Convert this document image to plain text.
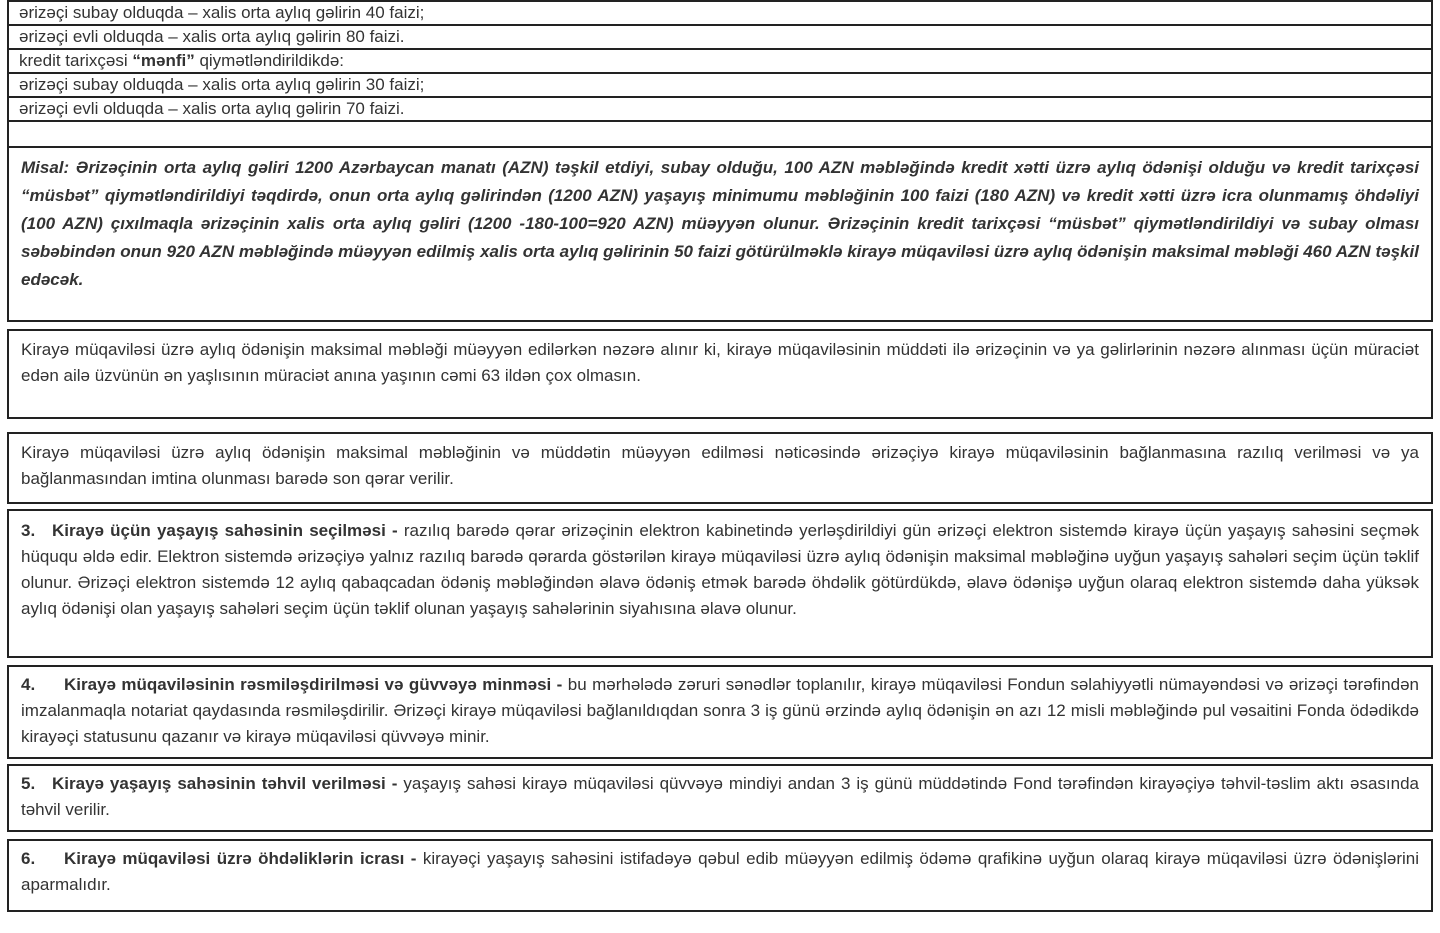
ərizəçi subay olduqda – xalis orta aylıq gəlirin 40 faizi;
ərizəçi evli olduqda – xalis orta aylıq gəlirin 80 faizi.
kredit tarixçəsi “mənfi” qiymətləndirildikdə:
ərizəçi subay olduqda – xalis orta aylıq gəlirin 30 faizi;
ərizəçi evli olduqda – xalis orta aylıq gəlirin 70 faizi.

Misal: Ərizəçinin orta aylıq gəliri 1200 Azərbaycan manatı (AZN) təşkil etdiyi, subay olduğu, 100 AZN məbləğində kredit xətti üzrə aylıq ödənişi olduğu və kredit tarixçəsi “müsbət” qiymətləndirildiyi təqdirdə, onun orta aylıq gəlirindən (1200 AZN) yaşayış minimumu məbləğinin 100 faizi (180 AZN) və kredit xətti üzrə icra olunmamış öhdəliyi (100 AZN) çıxılmaqla ərizəçinin xalis orta aylıq gəliri (1200 -180-100=920 AZN) müəyyən olunur. Ərizəçinin kredit tarixçəsi “müsbət” qiymətləndirildiyi və subay olması səbəbindən onun 920 AZN məbləğində müəyyən edilmiş xalis orta aylıq gəlirinin 50 faizi götürülməklə kirayə müqaviləsi üzrə aylıq ödənişin maksimal məbləği 460 AZN təşkil edəcək.

Kirayə müqaviləsi üzrə aylıq ödənişin maksimal məbləği müəyyən edilərkən nəzərə alınır ki, kirayə müqaviləsinin müddəti ilə ərizəçinin və ya gəlirlərinin nəzərə alınması üçün müraciət edən ailə üzvünün ən yaşlısının müraciət anına yaşının cəmi 63 ildən çox olmasın.

Kirayə müqaviləsi üzrə aylıq ödənişin maksimal məbləğinin və müddətin müəyyən edilməsi nəticəsində ərizəçiyə kirayə müqaviləsinin bağlanmasına razılıq verilməsi və ya bağlanmasından imtina olunması barədə son qərar verilir.

3. Kirayə üçün yaşayış sahəsinin seçilməsi - razılıq barədə qərar ərizəçinin elektron kabinetində yerləşdirildiyi gün ərizəçi elektron sistemdə kirayə üçün yaşayış sahəsini seçmək hüququ əldə edir. Elektron sistemdə ərizəçiyə yalnız razılıq barədə qərarda göstərilən kirayə müqaviləsi üzrə aylıq ödənişin maksimal məbləğinə uyğun yaşayış sahələri seçim üçün təklif olunur. Ərizəçi elektron sistemdə 12 aylıq qabaqcadan ödəniş məbləğindən əlavə ödəniş etmək barədə öhdəlik götürdükdə, əlavə ödənişə uyğun olaraq elektron sistemdə daha yüksək aylıq ödənişi olan yaşayış sahələri seçim üçün təklif olunan yaşayış sahələrinin siyahısına əlavə olunur.

4. Kirayə müqaviləsinin rəsmiləşdirilməsi və güvvəyə minməsi - bu mərhələdə zəruri sənədlər toplanılır, kirayə müqaviləsi Fondun səlahiyyətli nümayəndəsi və ərizəçi tərəfindən imzalanmaqla notariat qaydasında rəsmiləşdirilir. Ərizəçi kirayə müqaviləsi bağlanıldıqdan sonra 3 iş günü ərzində aylıq ödənişin ən azı 12 misli məbləğində pul vəsaitini Fonda ödədikdə kirayəçi statusunu qazanır və kirayə müqaviləsi qüvvəyə minir.

5. Kirayə yaşayış sahəsinin təhvil verilməsi - yaşayış sahəsi kirayə müqaviləsi qüvvəyə mindiyi andan 3 iş günü müddətində Fond tərəfindən kirayəçiyə təhvil-təslim aktı əsasında təhvil verilir.

6. Kirayə müqaviləsi üzrə öhdəliklərin icrası - kirayəçi yaşayış sahəsini istifadəyə qəbul edib müəyyən edilmiş ödəmə qrafikinə uyğun olaraq kirayə müqaviləsi üzrə ödənişlərini aparmalıdır.
